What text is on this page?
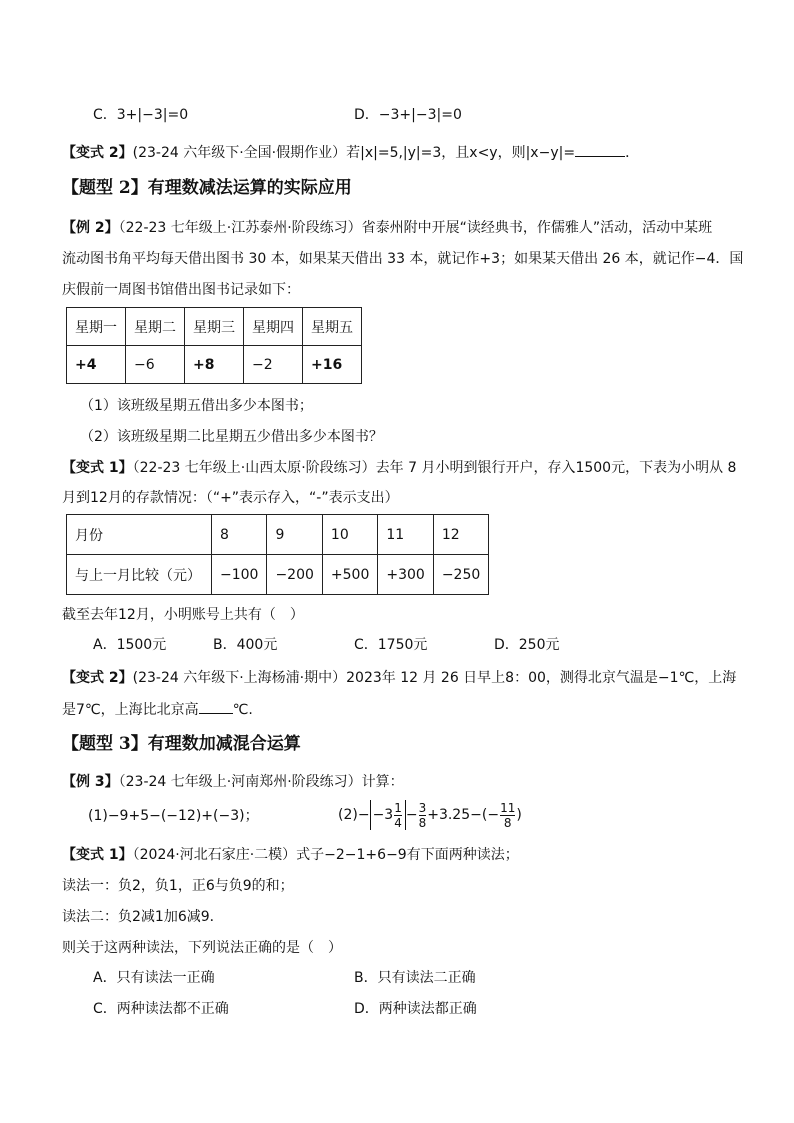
C．3+|−3|=0	D．−3+|−3|=0
【变式 2】(23-24 六年级下·全国·假期作业）若|x|=5,|y|=3，且x<y，则|x−y|=	．
【题型 2】有理数减法运算的实际应用
【例 2】（22-23 七年级上·江苏泰州·阶段练习）省泰州附中开展“读经典书，作儒雅人”活动，活动中某班
流动图书角平均每天借出图书 30 本，如果某天借出 33 本，就记作+3；如果某天借出 26 本，就记作−4．国
庆假前一周图书馆借出图书记录如下：
星期一	星期二	星期三	星期四	星期五
+4	−6	+8	−2	+16
（1）该班级星期五借出多少本图书；
（2）该班级星期二比星期五少借出多少本图书？
【变式 1】（22-23 七年级上·山西太原·阶段练习）去年 7 月小明到银行开户，存入1500元，下表为小明从 8
月到12月的存款情况：（“+”表示存入，“-”表示支出）
月份	8	9	10	11	12
与上一月比较（元）	−100	−200	+500	+300	−250
截至去年12月，小明账号上共有（　）
A．1500元	B．400元	C．1750元	D．250元
【变式 2】(23-24 六年级下·上海杨浦·期中）2023年 12 月 26 日早上8：00，测得北京气温是−1℃，上海
是7℃，上海比北京高 ℃.
【题型 3】有理数加减混合运算
【例 3】（23-24 七年级上·河南郑州·阶段练习）计算：
(1)−9+5−(−12)+(−3)；	$(2)- -3 \frac{1}{4} - \frac{3}{8} +3.25-(- \frac{11}{8}$ )
【变式 1】（2024·河北石家庄·二模）式子−2−1+6−9有下面两种读法；
读法一：负2，负1，正6与负9的和；
读法二：负2减1加6减9．
则关于这两种读法，下列说法正确的是（　）
A．只有读法一正确	B．只有读法二正确
C．两种读法都不正确	D．两种读法都正确
